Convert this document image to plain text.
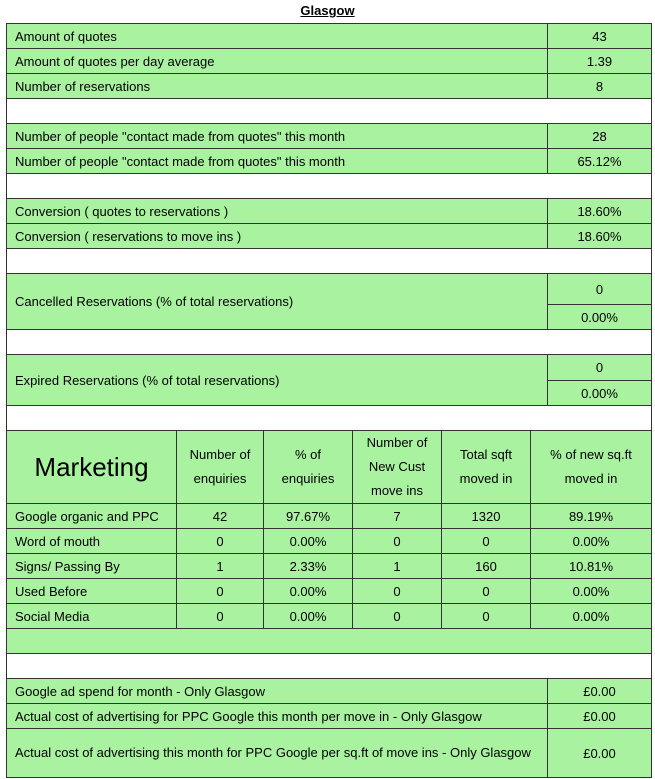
Glasgow
Amount of quotes	43
Amount of quotes per day average	1.39
Number of reservations	8

Number of people "contact made from quotes" this month	28
Number of people "contact made from quotes" this month	65.12%

Conversion ( quotes to reservations )	18.60%
Conversion ( reservations to move ins )	18.60%

Cancelled Reservations (% of total reservations)	0
	0.00%

Expired Reservations (% of total reservations)	0
	0.00%

Marketing	Number of enquiries	% of enquiries	Number of New Cust move ins	Total sqft moved in	% of new sq.ft moved in
Google organic and PPC	42	97.67%	7	1320	89.19%
Word of mouth	0	0.00%	0	0	0.00%
Signs/ Passing By	1	2.33%	1	160	10.81%
Used Before	0	0.00%	0	0	0.00%
Social Media	0	0.00%	0	0	0.00%

Google ad spend for month - Only Glasgow	£0.00
Actual cost of advertising for PPC Google this month per move in - Only Glasgow	£0.00
Actual cost of advertising this month for PPC Google per sq.ft of move ins - Only Glasgow	£0.00
